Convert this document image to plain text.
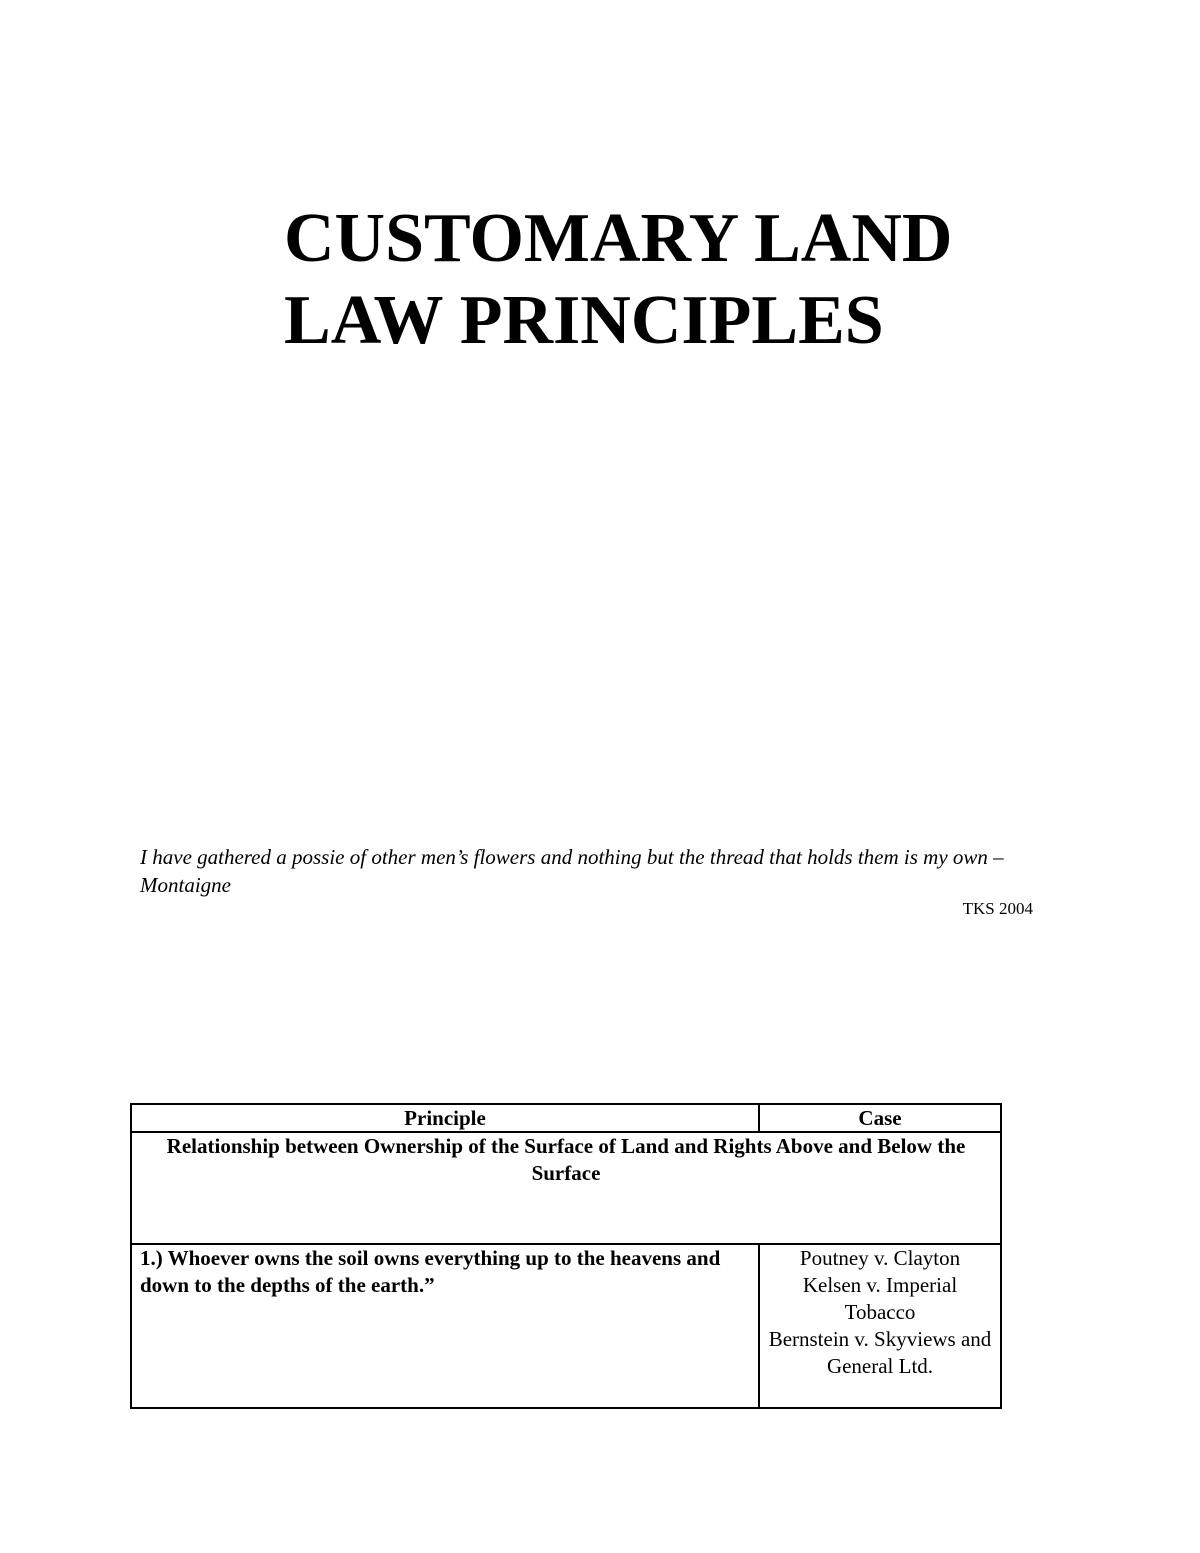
CUSTOMARY LAND
LAW PRINCIPLES

I have gathered a possie of other men’s flowers and nothing but the thread that holds them is my own – Montaigne

TKS 2004

Principle	Case
Relationship between Ownership of the Surface of Land and Rights Above and Below the Surface	
1.) Whoever owns the soil owns everything up to the heavens and down to the depths of the earth.”	Poutney v. Clayton
Kelsen v. Imperial Tobacco
Bernstein v. Skyviews and General Ltd.
